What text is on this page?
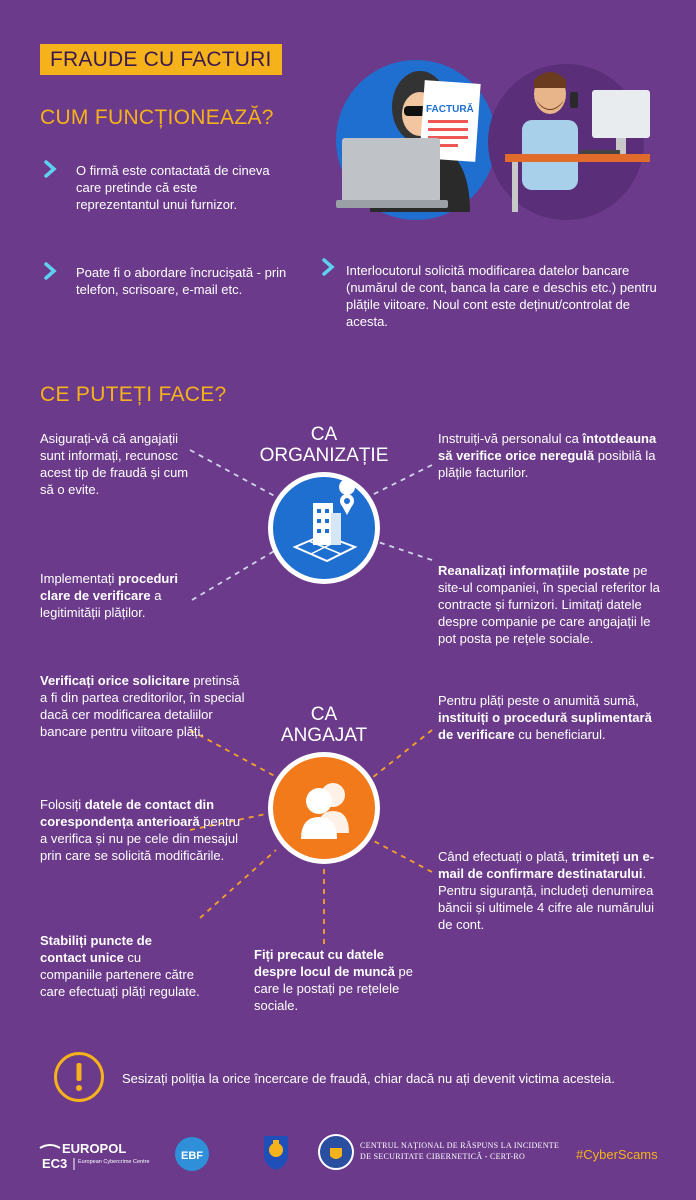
FRAUDE CU FACTURI
CUM FUNCȚIONEAZĂ?	FACTURĂ
O firmă este contactată de cineva care pretinde că este reprezentantul unui furnizor.
Poate fi o abordare încrucișată - prin telefon, scrisoare, e-mail etc.
Interlocutorul solicită modificarea datelor bancare (numărul de cont, banca la care e deschis etc.) pentru plățile viitoare. Noul cont este deținut/controlat de acesta.
CE PUTEȚI FACE?
CA
ORGANIZAȚIE
Asigurați-vă că angajații sunt informați, recunosc acest tip de fraudă și cum să o evite.
Instruiți-vă personalul ca întotdeauna să verifice orice neregulă posibilă la plățile facturilor.
Implementați proceduri clare de verificare a legitimității plăților.
Reanalizați informațiile postate pe site-ul companiei, în special referitor la contracte și furnizori. Limitați datele despre companie pe care angajații le pot posta pe rețele sociale.
CA
ANGAJAT
Verificați orice solicitare pretinsă a fi din partea creditorilor, în special dacă cer modificarea detaliilor bancare pentru viitoare plăți.
Pentru plăți peste o anumită sumă, instituiți o procedură suplimentară de verificare cu beneficiarul.
Folosiți datele de contact din corespondența anterioară pentru a verifica și nu pe cele din mesajul prin care se solicită modificările.	Când efectuați o plată, trimiteți un e-mail de confirmare destinatarului. Pentru siguranță, includeți denumirea băncii și ultimele 4 cifre ale numărului de cont.
Stabiliți puncte de contact unice cu companiile partenere către care efectuați plăți regulate.
Fiți precaut cu datele despre locul de muncă pe care le postați pe rețelele sociale.
Sesizați poliția la orice încercare de fraudă, chiar dacă nu ați devenit victima acesteia.
EUROPOL
EC3 European Cybercrime Centre	EBF
CENTRUL NAȚIONAL DE RĂSPUNS LA INCIDENTE
DE SECURITATE CIBERNETICĂ - CERT-RO	#CyberScams
